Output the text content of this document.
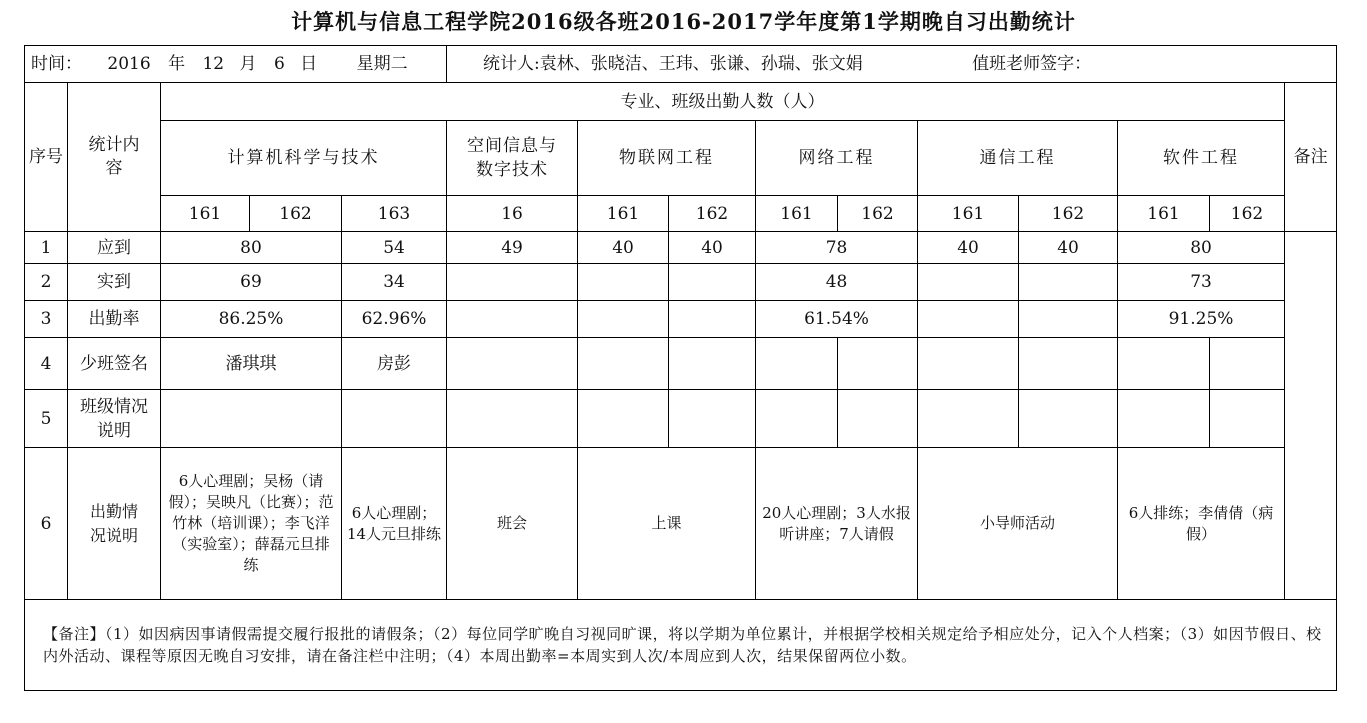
计算机与信息工程学院2016级各班2016-2017学年度第1学期晚自习出勤统计
时间： 2016 年 12 月 6 日 星期二					统计人:袁林、张晓洁、王玮、张谦、孙瑞、张文娟 值班老师签字：									
序号	统计内容	专业、班级出勤人数（人）												备注
		计算机科学与技术			空间信息与数字技术	物联网工程		网络工程		通信工程		软件工程		
		161	162	163	16	161	162	161	162	161	162	161	162	
1	应到	80		54	49	40	40	78		40	40	80		
2	实到	69		34				48				73		
3	出勤率	86.25%		62.96%				61.54%				91.25%		
4	少班签名	潘琪琪		房彭										
5	班级情况说明													
6	出勤情况说明	6人心理剧；吴杨（请假）；吴映凡（比赛）；范竹林（培训课）；李飞洋（实验室）；薛磊元旦排练		6人心理剧；14人元旦排练	班会	上课		20人心理剧；3人水报听讲座；7人请假		小导师活动		6人排练；李倩倩（病假）		
【备注】（1）如因病因事请假需提交履行报批的请假条；（2）每位同学旷晚自习视同旷课，将以学期为单位累计，并根据学校相关规定给予相应处分，记入个人档案；（3）如因节假日、校内外活动、课程等原因无晚自习安排，请在备注栏中注明；（4）本周出勤率=本周实到人次/本周应到人次，结果保留两位小数。														
